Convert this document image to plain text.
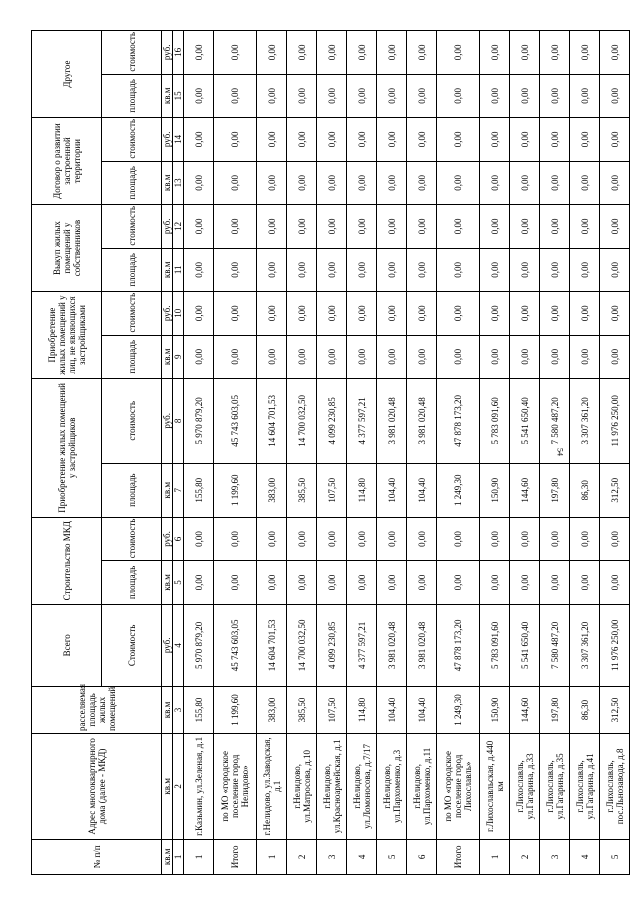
54
№ п/п	Адрес многоквартирного дома (далее - МКД)	расселяемая площадь жилых помещений	Всего	Строительство МКД		Приобретение жилых помещений у застройщиков		Приобретение жилых помещений у лиц, не являющихся застройщиками		Выкуп жилых помещений у собственников		Договор о развитии застроенной территории		Другое	
			Стоимость	площадь	стоимость	площадь	стоимость	площадь	стоимость	площадь	стоимость	площадь	стоимость	площадь	стоимость
кв.м	кв.м	кв.м	руб.	кв.м	руб.	кв.м	руб.	кв.м	руб.	кв.м	руб.	кв.м	руб.	кв.м	руб.
1	2	3	4	5	6	7	8	9	10	11	12	13	14	15	16
1	г.Казьмин, ул.Зеленая, д.1	155,80	5 970 879,20	0,00	0,00	155,80	5 970 879,20	0,00	0,00	0,00	0,00	0,00	0,00	0,00	0,00
Итого	по МО «городское поселение город Нелидово»	1 199,60	45 743 603,05	0,00	0,00	1 199,60	45 743 603,05	0,00	0,00	0,00	0,00	0,00	0,00	0,00	0,00
1	г.Нелидово, ул.Заводская, д.1	383,00	14 604 701,53	0,00	0,00	383,00	14 604 701,53	0,00	0,00	0,00	0,00	0,00	0,00	0,00	0,00
2	г.Нелидово, ул.Матросова, д.10	385,50	14 700 032,50	0,00	0,00	385,50	14 700 032,50	0,00	0,00	0,00	0,00	0,00	0,00	0,00	0,00
3	г.Нелидово, ул.Красноармейская, д.1	107,50	4 099 230,85	0,00	0,00	107,50	4 099 230,85	0,00	0,00	0,00	0,00	0,00	0,00	0,00	0,00
4	г.Нелидово, ул.Ломоносова, д.7/17	114,80	4 377 597,21	0,00	0,00	114,80	4 377 597,21	0,00	0,00	0,00	0,00	0,00	0,00	0,00	0,00
5	г.Нелидово, ул.Пархоменко, д.3	104,40	3 981 020,48	0,00	0,00	104,40	3 981 020,48	0,00	0,00	0,00	0,00	0,00	0,00	0,00	0,00
6	г.Нелидово, ул.Пархоменко, д.11	104,40	3 981 020,48	0,00	0,00	104,40	3 981 020,48	0,00	0,00	0,00	0,00	0,00	0,00	0,00	0,00
Итого	по МО «городское поселение город Лихославль»	1 249,30	47 878 173,20	0,00	0,00	1 249,30	47 878 173,20	0,00	0,00	0,00	0,00	0,00	0,00	0,00	0,00
1	г.Лихославльская, д.440 км	150,90	5 783 091,60	0,00	0,00	150,90	5 783 091,60	0,00	0,00	0,00	0,00	0,00	0,00	0,00	0,00
2	г.Лихославль, ул.Гагарина, д.33	144,60	5 541 650,40	0,00	0,00	144,60	5 541 650,40	0,00	0,00	0,00	0,00	0,00	0,00	0,00	0,00
3	г.Лихославль, ул.Гагарина, д.35	197,80	7 580 487,20	0,00	0,00	197,80	7 580 487,20	0,00	0,00	0,00	0,00	0,00	0,00	0,00	0,00
4	г.Лихославль, ул.Гагарина, д.41	86,30	3 307 361,20	0,00	0,00	86,30	3 307 361,20	0,00	0,00	0,00	0,00	0,00	0,00	0,00	0,00
5	г.Лихославль, пос.Льнозавода, д.8	312,50	11 976 250,00	0,00	0,00	312,50	11 976 250,00	0,00	0,00	0,00	0,00	0,00	0,00	0,00	0,00
